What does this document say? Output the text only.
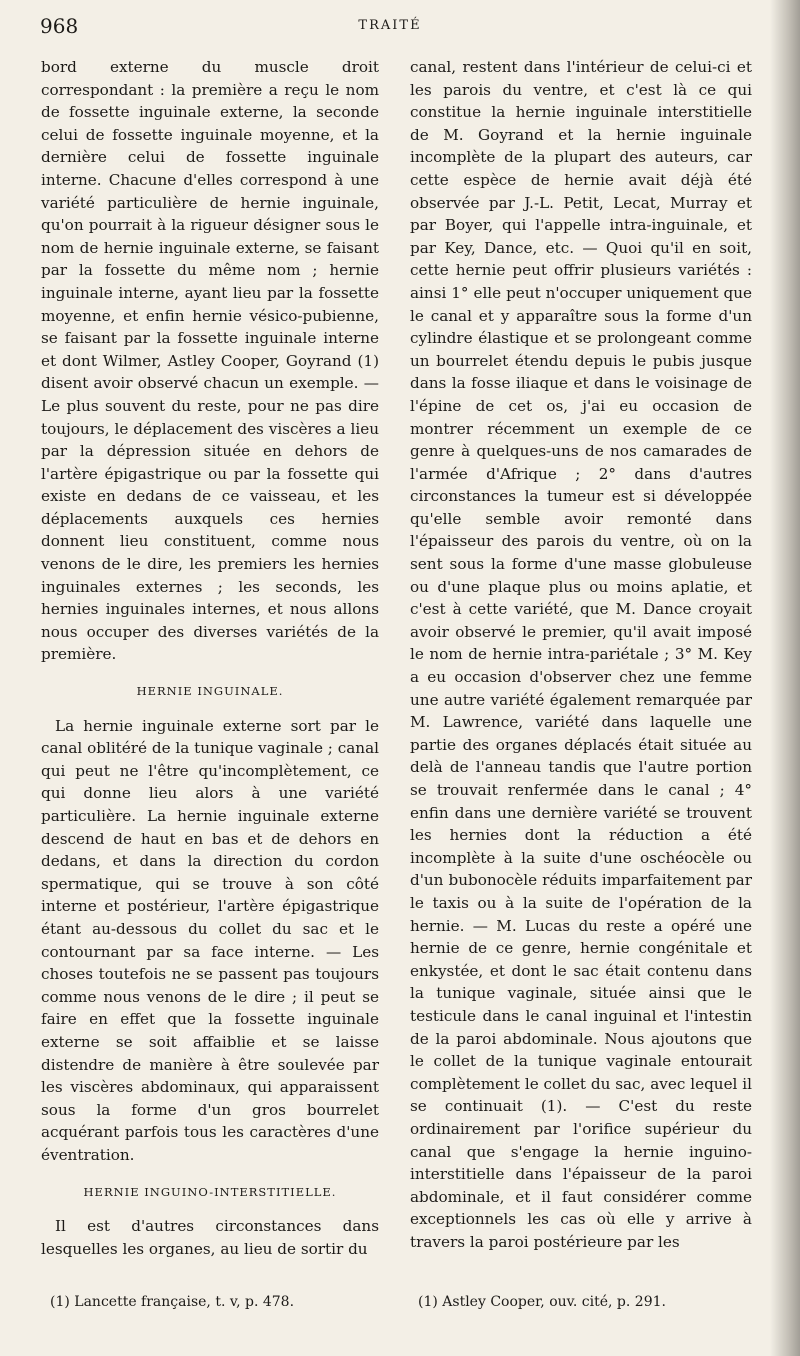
968	TRAITÉ

bord externe du muscle droit correspondant : la première a reçu le nom de fossette inguinale externe, la seconde celui de fossette inguinale moyenne, et la dernière celui de fossette inguinale interne. Chacune d'elles correspond à une variété particulière de hernie inguinale, qu'on pourrait à la rigueur désigner sous le nom de hernie inguinale externe, se faisant par la fossette du même nom ; hernie inguinale interne, ayant lieu par la fossette moyenne, et enfin hernie vésico-pubienne, se faisant par la fossette inguinale interne et dont Wilmer, Astley Cooper, Goyrand (1) disent avoir observé chacun un exemple. — Le plus souvent du reste, pour ne pas dire toujours, le déplacement des viscères a lieu par la dépression située en dehors de l'artère épigastrique ou par la fossette qui existe en dedans de ce vaisseau, et les déplacements auxquels ces hernies donnent lieu constituent, comme nous venons de le dire, les premiers les hernies inguinales externes ; les seconds, les hernies inguinales internes, et nous allons nous occuper des diverses variétés de la première.

HERNIE INGUINALE.

La hernie inguinale externe sort par le canal oblitéré de la tunique vaginale ; canal qui peut ne l'être qu'incomplètement, ce qui donne lieu alors à une variété particulière. La hernie inguinale externe descend de haut en bas et de dehors en dedans, et dans la direction du cordon spermatique, qui se trouve à son côté interne et postérieur, l'artère épigastrique étant au-dessous du collet du sac et le contournant par sa face interne. — Les choses toutefois ne se passent pas toujours comme nous venons de le dire ; il peut se faire en effet que la fossette inguinale externe se soit affaiblie et se laisse distendre de manière à être soulevée par les viscères abdominaux, qui apparaissent sous la forme d'un gros bourrelet acquérant parfois tous les caractères d'une éventration.

HERNIE INGUINO-INTERSTITIELLE.

Il est d'autres circonstances dans lesquelles les organes, au lieu de sortir du

canal, restent dans l'intérieur de celui-ci et les parois du ventre, et c'est là ce qui constitue la hernie inguinale interstitielle de M. Goyrand et la hernie inguinale incomplète de la plupart des auteurs, car cette espèce de hernie avait déjà été observée par J.-L. Petit, Lecat, Murray et par Boyer, qui l'appelle intra-inguinale, et par Key, Dance, etc. — Quoi qu'il en soit, cette hernie peut offrir plusieurs variétés : ainsi 1° elle peut n'occuper uniquement que le canal et y apparaître sous la forme d'un cylindre élastique et se prolongeant comme un bourrelet étendu depuis le pubis jusque dans la fosse iliaque et dans le voisinage de l'épine de cet os, j'ai eu occasion de montrer récemment un exemple de ce genre à quelques-uns de nos camarades de l'armée d'Afrique ; 2° dans d'autres circonstances la tumeur est si développée qu'elle semble avoir remonté dans l'épaisseur des parois du ventre, où on la sent sous la forme d'une masse globuleuse ou d'une plaque plus ou moins aplatie, et c'est à cette variété, que M. Dance croyait avoir observé le premier, qu'il avait imposé le nom de hernie intra-pariétale ; 3° M. Key a eu occasion d'observer chez une femme une autre variété également remarquée par M. Lawrence, variété dans laquelle une partie des organes déplacés était située au delà de l'anneau tandis que l'autre portion se trouvait renfermée dans le canal ; 4° enfin dans une dernière variété se trouvent les hernies dont la réduction a été incomplète à la suite d'une oschéocèle ou d'un bubonocèle réduits imparfaitement par le taxis ou à la suite de l'opération de la hernie. — M. Lucas du reste a opéré une hernie de ce genre, hernie congénitale et enkystée, et dont le sac était contenu dans la tunique vaginale, située ainsi que le testicule dans le canal inguinal et l'intestin de la paroi abdominale. Nous ajoutons que le collet de la tunique vaginale entourait complètement le collet du sac, avec lequel il se continuait (1). — C'est du reste ordinairement par l'orifice supérieur du canal que s'engage la hernie inguino-interstitielle dans l'épaisseur de la paroi abdominale, et il faut considérer comme exceptionnels les cas où elle y arrive à travers la paroi postérieure par les

(1) Lancette française, t. v, p. 478.	(1) Astley Cooper, ouv. cité, p. 291.
